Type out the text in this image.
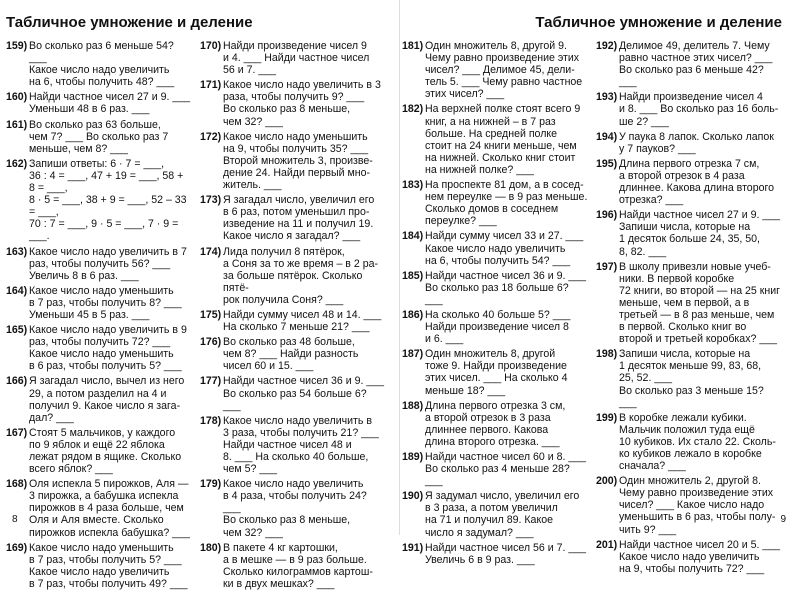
Табличное умножение и деление
159) Во сколько раз 6 меньше 54? ___
Какое число надо увеличить
на 6, чтобы получить 48? ___
160) Найди частное чисел 27 и 9. ___
Уменьши 48 в 6 раз. ___
161) Во сколько раз 63 больше,
чем 7? ___ Во сколько раз 7
меньше, чем 8? ___
162) Запиши ответы: 6 · 7 = ___,
36 : 4 = ___, 47 + 19 = ___, 58 + 8 = ___,
8 · 5 = ___, 38 + 9 = ___, 52 – 33 = ___,
70 : 7 = ___, 9 · 5 = ___, 7 · 9 = ___.
163) Какое число надо увеличить в 7
раз, чтобы получить 56? ___
Увеличь 8 в 6 раз. ___
164) Какое число надо уменьшить
в 7 раз, чтобы получить 8? ___
Уменьши 45 в 5 раз. ___
165) Какое число надо увеличить в 9
раз, чтобы получить 72? ___
Какое число надо уменьшить
в 6 раз, чтобы получить 5? ___
166) Я загадал число, вычел из него
29, а потом разделил на 4 и
получил 9. Какое число я зага-
дал? ___
167) Стоят 5 мальчиков, у каждого
по 9 яблок и ещё 22 яблока
лежат рядом в ящике. Сколько
всего яблок? ___
168) Оля испекла 5 пирожков, Аля —
3 пирожка, а бабушка испекла
пирожков в 4 раза больше, чем
Оля и Аля вместе. Сколько
пирожков испекла бабушка? ___
169) Какое число надо уменьшить
в 7 раз, чтобы получить 5? ___
Какое число надо увеличить
в 7 раз, чтобы получить 49? ___
170) Найди произведение чисел 9
и 4. ___ Найди частное чисел
56 и 7. ___
171) Какое число надо увеличить в 3
раза, чтобы получить 9? ___
Во сколько раз 8 меньше,
чем 32? ___
172) Какое число надо уменьшить
на 9, чтобы получить 35? ___
Второй множитель 3, произве-
дение 24. Найди первый мно-
житель. ___
173) Я загадал число, увеличил его
в 6 раз, потом уменьшил про-
изведение на 11 и получил 19.
Какое число я загадал? ___
174) Лида получил 8 пятёрок,
а Соня за то же время – в 2 ра-
за больше пятёрок. Сколько пятё-
рок получила Соня? ___
175) Найди сумму чисел 48 и 14. ___
На сколько 7 меньше 21? ___
176) Во сколько раз 48 больше,
чем 8? ___ Найди разность
чисел 60 и 15. ___
177) Найди частное чисел 36 и 9. ___
Во сколько раз 54 больше 6? ___
178) Какое число надо увеличить в
3 раза, чтобы получить 21? ___
Найди частное чисел 48 и
8. ___ На сколько 40 больше,
чем 5? ___
179) Какое число надо увеличить
в 4 раза, чтобы получить 24? ___
Во сколько раз 8 меньше,
чем 32? ___
180) В пакете 4 кг картошки,
а в мешке — в 9 раз больше.
Сколько килограммов картош-
ки в двух мешках? ___
8
Табличное умножение и деление
181) Один множитель 8, другой 9.
Чему равно произведение этих
чисел? ___ Делимое 45, дели-
тель 5. ___ Чему равно частное
этих чисел? ___
182) На верхней полке стоят всего 9
книг, а на нижней – в 7 раз
больше. На средней полке
стоит на 24 книги меньше, чем
на нижней. Сколько книг стоит
на нижней полке? ___
183) На проспекте 81 дом, а в сосед-
нем переулке — в 9 раз меньше.
Сколько домов в соседнем
переулке? ___
184) Найди сумму чисел 33 и 27. ___
Какое число надо увеличить
на 6, чтобы получить 54? ___
185) Найди частное чисел 36 и 9. ___
Во сколько раз 18 больше 6? ___
186) На сколько 40 больше 5? ___
Найди произведение чисел 8
и 6. ___
187) Один множитель 8, другой
тоже 9. Найди произведение
этих чисел. ___ На сколько 4
меньше 18? ___
188) Длина первого отрезка 3 см,
а второй отрезок в 3 раза
длиннее первого. Какова
длина второго отрезка. ___
189) Найди частное чисел 60 и 8. ___
Во сколько раз 4 меньше 28? ___
190) Я задумал число, увеличил его
в 3 раза, а потом увеличил
на 71 и получил 89. Какое
число я задумал? ___
191) Найди частное чисел 56 и 7. ___
Увеличь 6 в 9 раз. ___
192) Делимое 49, делитель 7. Чему
равно частное этих чисел? ___
Во сколько раз 6 меньше 42? ___
193) Найди произведение чисел 4
и 8. ___ Во сколько раз 16 боль-
ше 2? ___
194) У паука 8 лапок. Сколько лапок
у 7 пауков? ___
195) Длина первого отрезка 7 см,
а второй отрезок в 4 раза
длиннее. Какова длина второго
отрезка? ___
196) Найди частное чисел 27 и 9. ___
Запиши числа, которые на
1 десяток больше 24, 35, 50,
8, 82. ___
197) В школу привезли новые учеб-
ники. В первой коробке
72 книги, во второй — на 25 книг
меньше, чем в первой, а в
третьей — в 8 раз меньше, чем
в первой. Сколько книг во
второй и третьей коробках? ___
198) Запиши числа, которые на
1 десяток меньше 99, 83, 68,
25, 52. ___
Во сколько раз 3 меньше 15? ___
199) В коробке лежали кубики.
Мальчик положил туда ещё
10 кубиков. Их стало 22. Сколь-
ко кубиков лежало в коробке
сначала? ___
200) Один множитель 2, другой 8.
Чему равно произведение этих
чисел? ___ Какое число надо
уменьшить в 6 раз, чтобы полу-
чить 9? ___
201) Найди частное чисел 20 и 5. ___
Какое число надо увеличить
на 9, чтобы получить 72? ___
9
